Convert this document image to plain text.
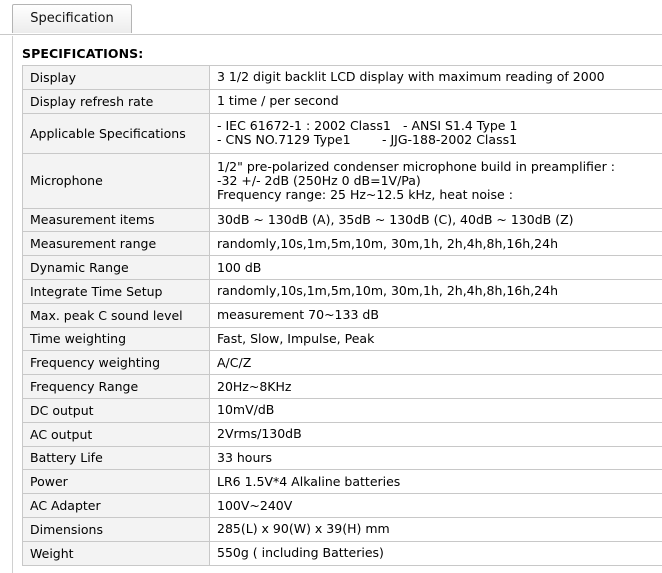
Specification
SPECIFICATIONS:
Display	3 1/2 digit backlit LCD display with maximum reading of 2000
Display refresh rate	1 time / per second
Applicable Specifications	- IEC 61672-1 : 2002 Class1 - ANSI S1.4 Type 1
- CNS NO.7129 Type1 - JJG-188-2002 Class1

Microphone	1/2" pre-polarized condenser microphone build in preamplifier :
-32 +/- 2dB (250Hz 0 dB=1V/Pa)
Frequency range: 25 Hz~12.5 kHz, heat noise :

Measurement items	30dB ~ 130dB (A), 35dB ~ 130dB (C), 40dB ~ 130dB (Z)
Measurement range	randomly,10s,1m,5m,10m, 30m,1h, 2h,4h,8h,16h,24h
Dynamic Range	100 dB
Integrate Time Setup	randomly,10s,1m,5m,10m, 30m,1h, 2h,4h,8h,16h,24h
Max. peak C sound level	measurement 70~133 dB
Time weighting	Fast, Slow, Impulse, Peak
Frequency weighting	A/C/Z
Frequency Range	20Hz~8KHz
DC output	10mV/dB
AC output	2Vrms/130dB
Battery Life	33 hours
Power	LR6 1.5V*4 Alkaline batteries
AC Adapter	100V~240V
Dimensions	285(L) x 90(W) x 39(H) mm
Weight	550g ( including Batteries)
